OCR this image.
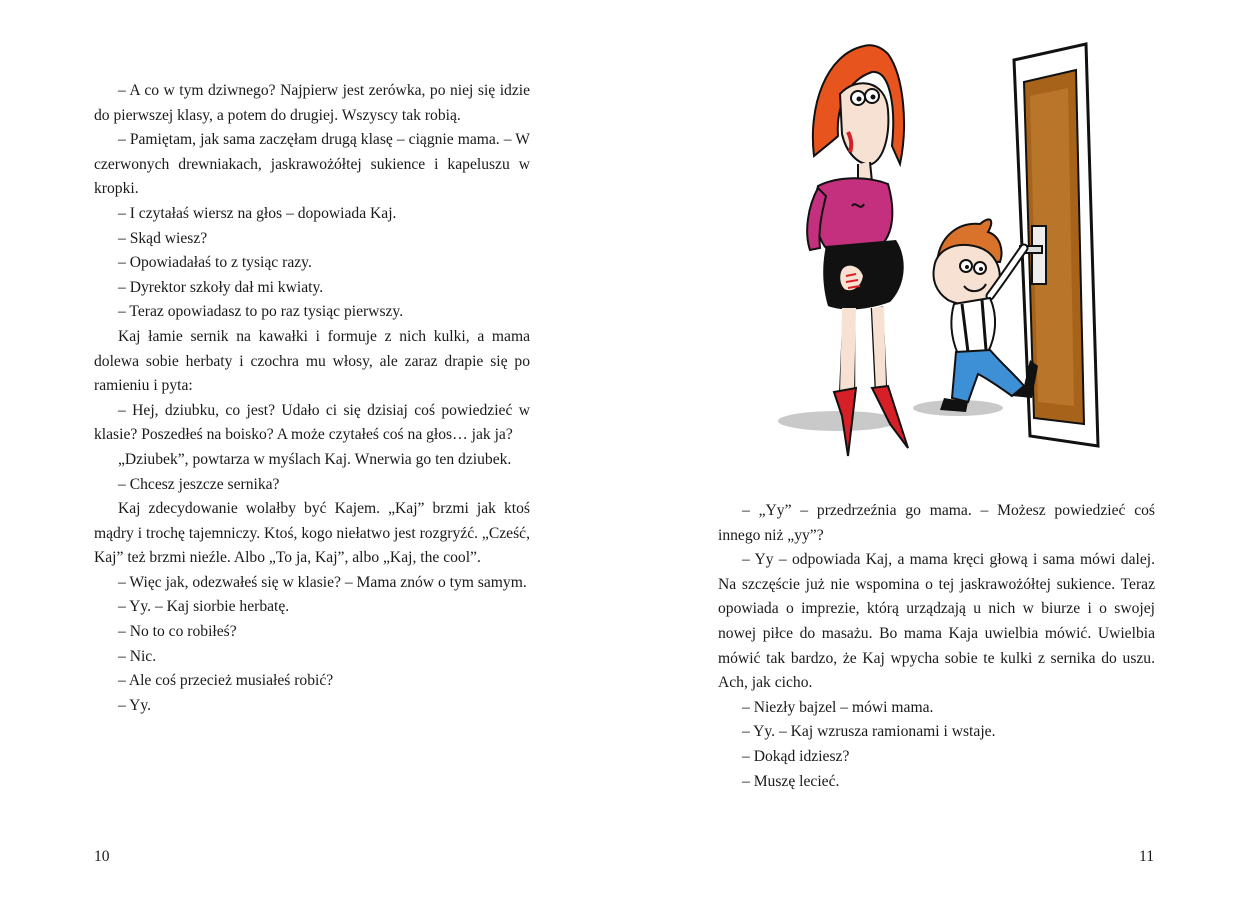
– A co w tym dziwnego? Najpierw jest zerówka, po niej się idzie do pierwszej klasy, a potem do drugiej. Wszyscy tak robią.

– Pamiętam, jak sama zaczęłam drugą klasę – ciągnie mama. – W czerwonych drewniakach, jaskrawożółtej sukience i kapeluszu w kropki.

– I czytałaś wiersz na głos – dopowiada Kaj.

– Skąd wiesz?

– Opowiadałaś to z tysiąc razy.

– Dyrektor szkoły dał mi kwiaty.

– Teraz opowiadasz to po raz tysiąc pierwszy.

Kaj łamie sernik na kawałki i formuje z nich kulki, a mama dolewa sobie herbaty i czochra mu włosy, ale zaraz drapie się po ramieniu i pyta:

– Hej, dziubku, co jest? Udało ci się dzisiaj coś powiedzieć w klasie? Poszedłeś na boisko? A może czytałeś coś na głos… jak ja?

„Dziubek”, powtarza w myślach Kaj. Wnerwia go ten dziubek.

– Chcesz jeszcze sernika?

Kaj zdecydowanie wolałby być Kajem. „Kaj” brzmi jak ktoś mądry i trochę tajemniczy. Ktoś, kogo niełatwo jest rozgryźć. „Cześć, Kaj” też brzmi nieźle. Albo „To ja, Kaj”, albo „Kaj, the cool”.

– Więc jak, odezwałeś się w klasie? – Mama znów o tym samym.

– Yy. – Kaj siorbie herbatę.

– No to co robiłeś?

– Nic.

– Ale coś przecież musiałeś robić?

– Yy.

10

– „Yy” – przedrzeźnia go mama. – Możesz powiedzieć coś innego niż „yy”?

– Yy – odpowiada Kaj, a mama kręci głową i sama mówi dalej. Na szczęście już nie wspomina o tej jaskrawożółtej sukience. Teraz opowiada o imprezie, którą urządzają u nich w biurze i o swojej nowej piłce do masażu. Bo mama Kaja uwielbia mówić. Uwielbia mówić tak bardzo, że Kaj wpycha sobie te kulki z sernika do uszu. Ach, jak cicho.

– Niezły bajzel – mówi mama.

– Yy. – Kaj wzrusza ramionami i wstaje.

– Dokąd idziesz?

– Muszę lecieć.

11
